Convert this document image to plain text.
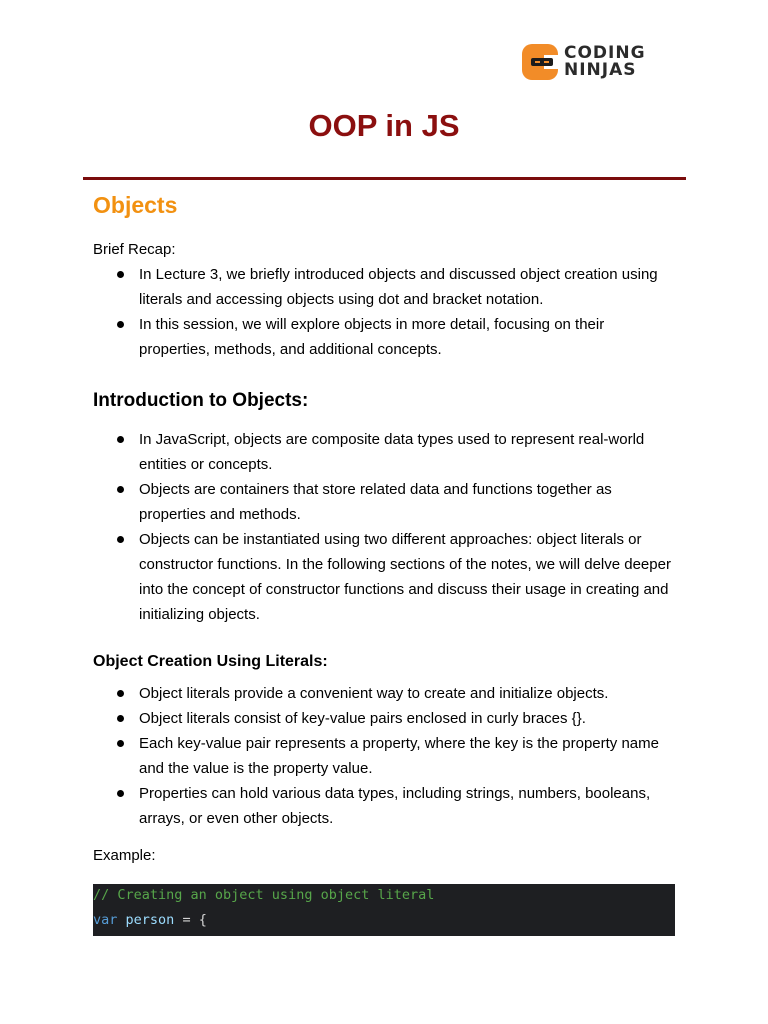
CODING
NINJAS
OOP in JS
Objects

Brief Recap:

In Lecture 3, we briefly introduced objects and discussed object creation using literals and accessing objects using dot and bracket notation.
In this session, we will explore objects in more detail, focusing on their properties, methods, and additional concepts.
Introduction to Objects:
In JavaScript, objects are composite data types used to represent real-world entities or concepts.
Objects are containers that store related data and functions together as properties and methods.
Objects can be instantiated using two different approaches: object literals or constructor functions. In the following sections of the notes, we will delve deeper into the concept of constructor functions and discuss their usage in creating and initializing objects.
Object Creation Using Literals:
Object literals provide a convenient way to create and initialize objects.
Object literals consist of key-value pairs enclosed in curly braces {}.
Each key-value pair represents a property, where the key is the property name and the value is the property value.
Properties can hold various data types, including strings, numbers, booleans, arrays, or even other objects.

Example:

// Creating an object using object literal
var person = {
